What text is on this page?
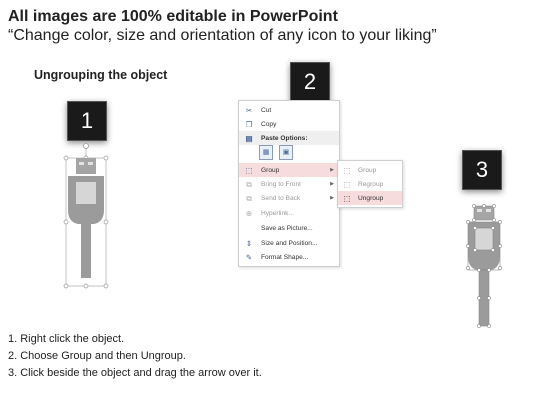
All images are 100% editable in PowerPoint
“Change color, size and orientation of any icon to your liking”
Ungrouping the object
1
2
3
✂ Cut
❐ Copy
▤ Paste Options:
▦	▣
⬚ Group	▶
⧉	Bring to Front	▶
⧉	Send to Back	▶
⊕ Hyperlink...
Save as Picture...
⇕ Size and Position...
✎ Format Shape...
⬚ Group
⬚ Regroup
⬚ Ungroup
1. Right click the object.
2. Choose Group and then Ungroup.
3. Click beside the object and drag the arrow over it.
